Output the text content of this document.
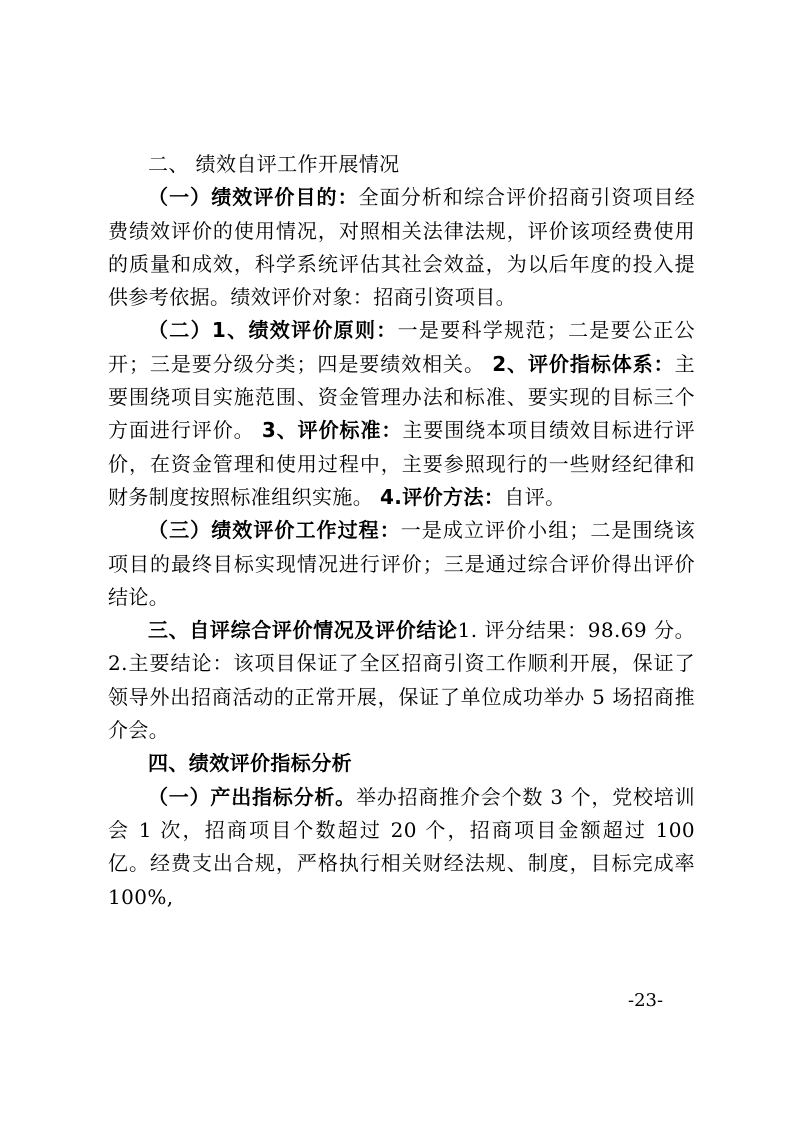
二、 绩效自评工作开展情况

（一）绩效评价目的：全面分析和综合评价招商引资项目经费绩效评价的使用情况，对照相关法律法规，评价该项经费使用的质量和成效，科学系统评估其社会效益，为以后年度的投入提供参考依据。绩效评价对象：招商引资项目。

（二）1、绩效评价原则：一是要科学规范；二是要公正公开；三是要分级分类；四是要绩效相关。 2、评价指标体系：主要围绕项目实施范围、资金管理办法和标准、要实现的目标三个方面进行评价。 3、评价标准：主要围绕本项目绩效目标进行评价，在资金管理和使用过程中，主要参照现行的一些财经纪律和财务制度按照标准组织实施。 4.评价方法：自评。

（三）绩效评价工作过程：一是成立评价小组；二是围绕该项目的最终目标实现情况进行评价；三是通过综合评价得出评价结论。

三、自评综合评价情况及评价结论1. 评分结果：98.69 分。2.主要结论：该项目保证了全区招商引资工作顺利开展，保证了领导外出招商活动的正常开展，保证了单位成功举办 5 场招商推介会。

四、绩效评价指标分析

（一）产出指标分析。举办招商推介会个数 3 个，党校培训会 1 次，招商项目个数超过 20 个，招商项目金额超过 100 亿。经费支出合规，严格执行相关财经法规、制度，目标完成率 100%,

-23-
